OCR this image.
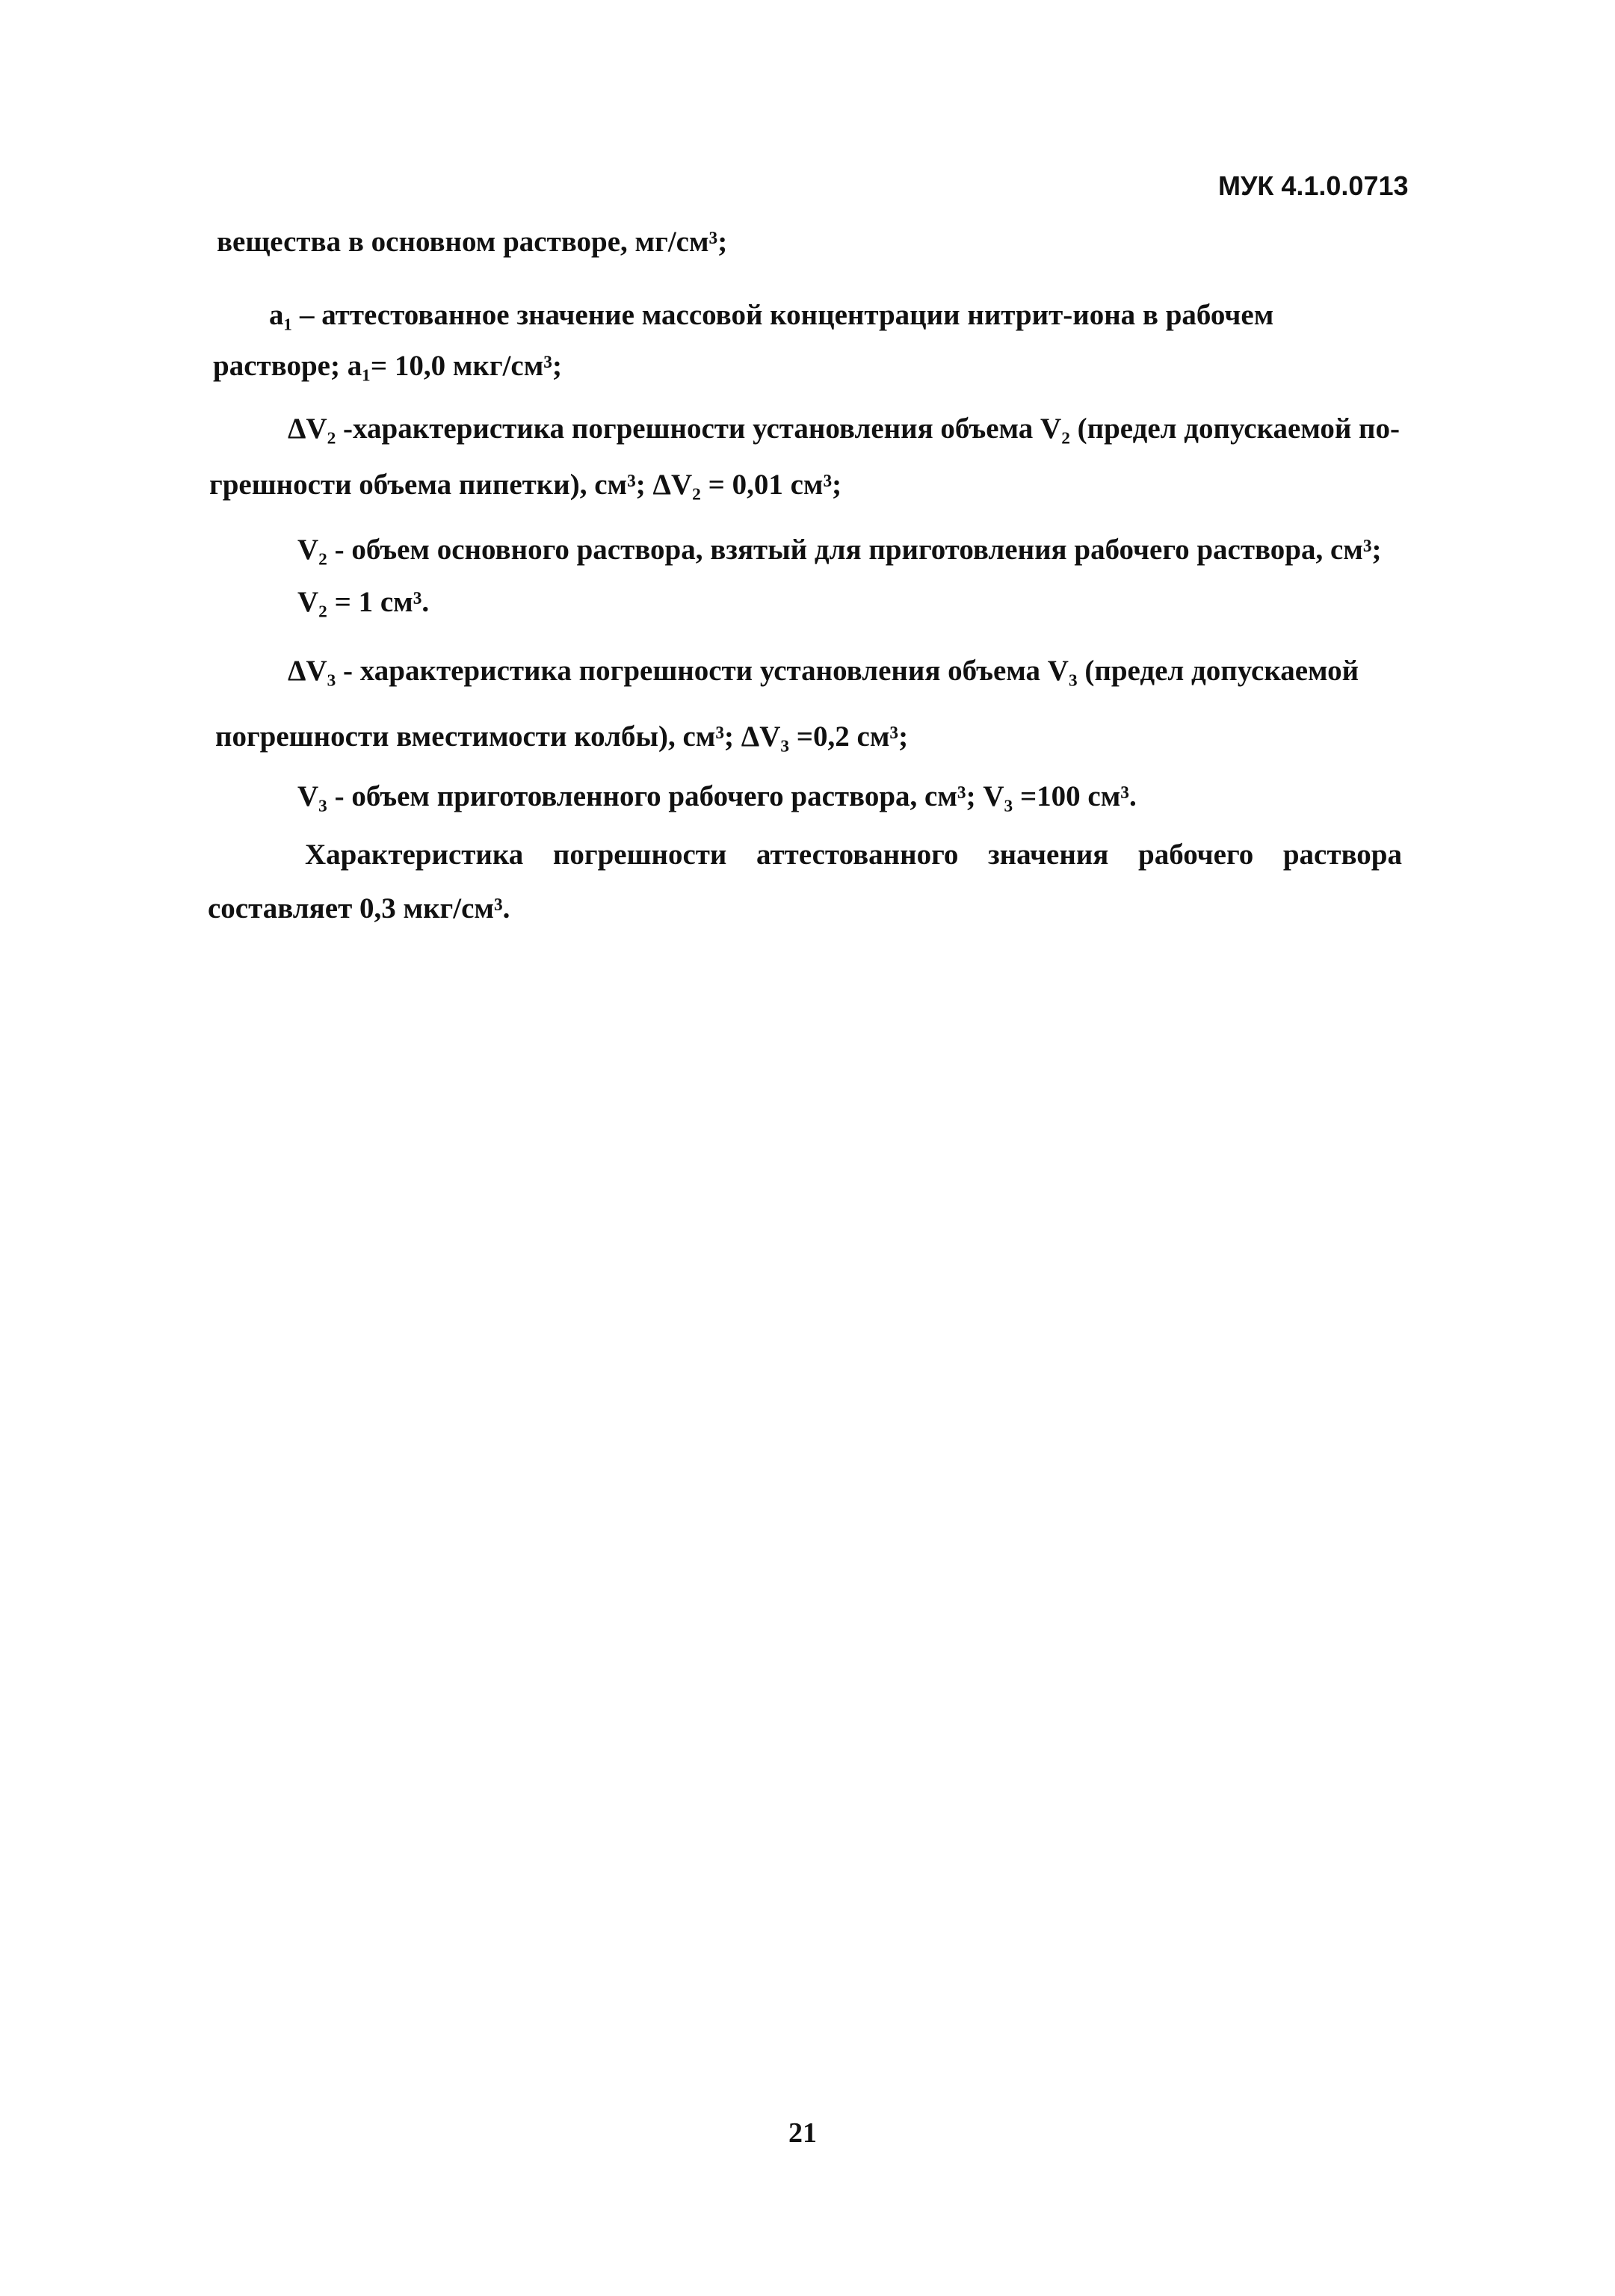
МУК 4.1.0.0713
вещества в основном растворе, мг/см³;
а₁ – аттестованное значение массовой концентрации нитрит-иона в рабочем
растворе; а₁= 10,0 мкг/см³;
ΔV₂ -характеристика погрешности установления объема V₂ (предел допускаемой по-
грешности объема пипетки), см³; ΔV₂ = 0,01 см³;
V₂ - объем основного раствора, взятый для приготовления рабочего раствора, см³;
V₂ = 1 см³.
ΔV₃ - характеристика погрешности установления объема V₃ (предел допускаемой
погрешности вместимости колбы), см³; ΔV₃ =0,2 см³;
V₃ - объем приготовленного рабочего раствора, см³; V₃ =100 см³.
Характеристика погрешности аттестованного значения рабочего раствора
составляет 0,3 мкг/см³.
21
